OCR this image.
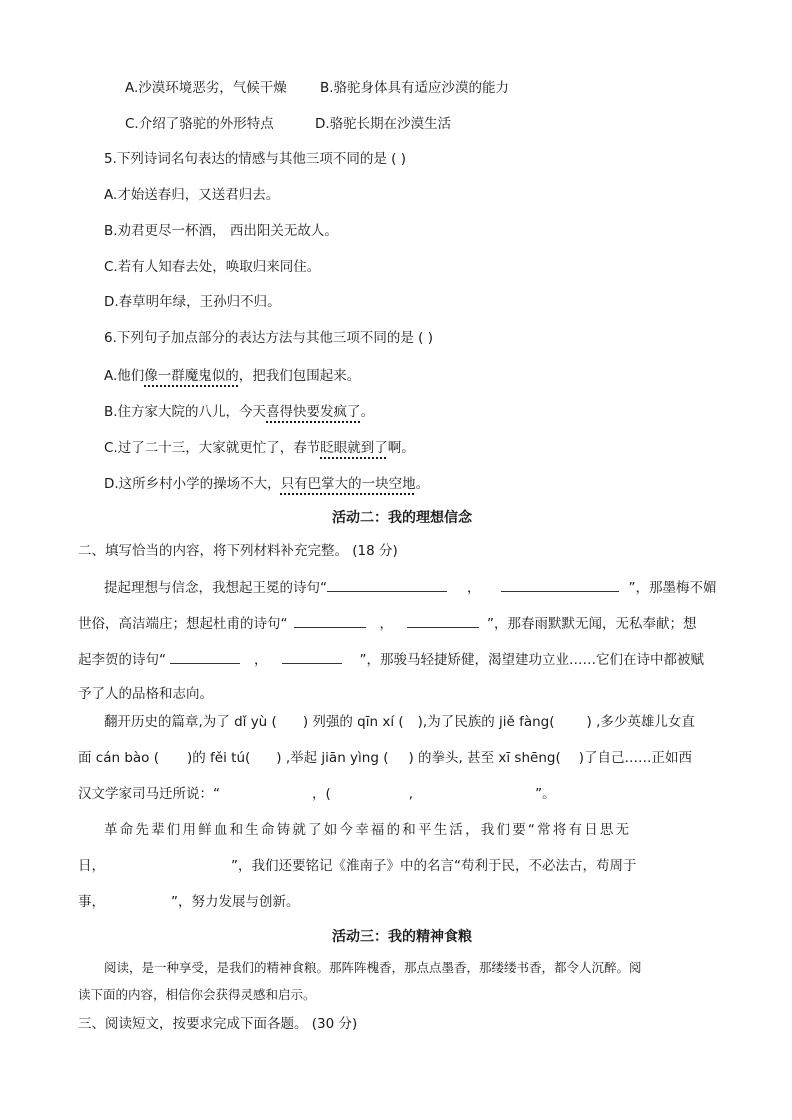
A.沙漠环境恶劣，气候干燥 B.骆驼身体具有适应沙漠的能力
C.介绍了骆驼的外形特点	D.骆驼长期在沙漠生活
5.下列诗词名句表达的情感与其他三项不同的是 ( )
A.才始送春归，又送君归去。
B.劝君更尽一杯酒， 西出阳关无故人。
C.若有人知春去处，唤取归来同住。
D.春草明年绿，王孙归不归。
6.下列句子加点部分的表达方法与其他三项不同的是 ( )
A.他们像一群魔鬼似的，把我们包围起来。
B.住方家大院的八儿，今天喜得快要发疯了。
C.过了二十三，大家就更忙了，春节眨眼就到了啊。
D.这所乡村小学的操场不大，只有巴掌大的一块空地。
活动二：我的理想信念
二、填写恰当的内容，将下列材料补充完整。 (18 分)
提起理想与信念，我想起王冕的诗句“	，	”，那墨梅不媚
世俗，高洁端庄；想起杜甫的诗句“	，	”，那春雨默默无闻，无私奉献；想
起李贺的诗句“	，	”，那骏马轻捷矫健，渴望建功立业……它们在诗中都被赋
予了人的品格和志向。
翻开历史的篇章,为了 dǐ yù ( ) 列强的 qīn xí ( ),为了民族的 jiě fàng( ) ,多少英雄儿女直
面 cán bào ( )的 fěi tú( ) ,举起 jiān yìng ( ) 的拳头, 甚至 xī shēng( )了自己……正如西
汉文学家司马迁所说：“	，(	,	”。
革命先辈们用鲜血和生命铸就了如今幸福的和平生活，我们要“常将有日思无
日，	”，我们还要铭记《淮南子》中的名言“苟利于民，不必法古，苟周于
事，	”，努力发展与创新。
活动三：我的精神食粮
阅读，是一种享受，是我们的精神食粮。那阵阵槐香，那点点墨香，那缕缕书香，都令人沉醉。阅
读下面的内容，相信你会获得灵感和启示。
三、阅读短文，按要求完成下面各题。 (30 分)
